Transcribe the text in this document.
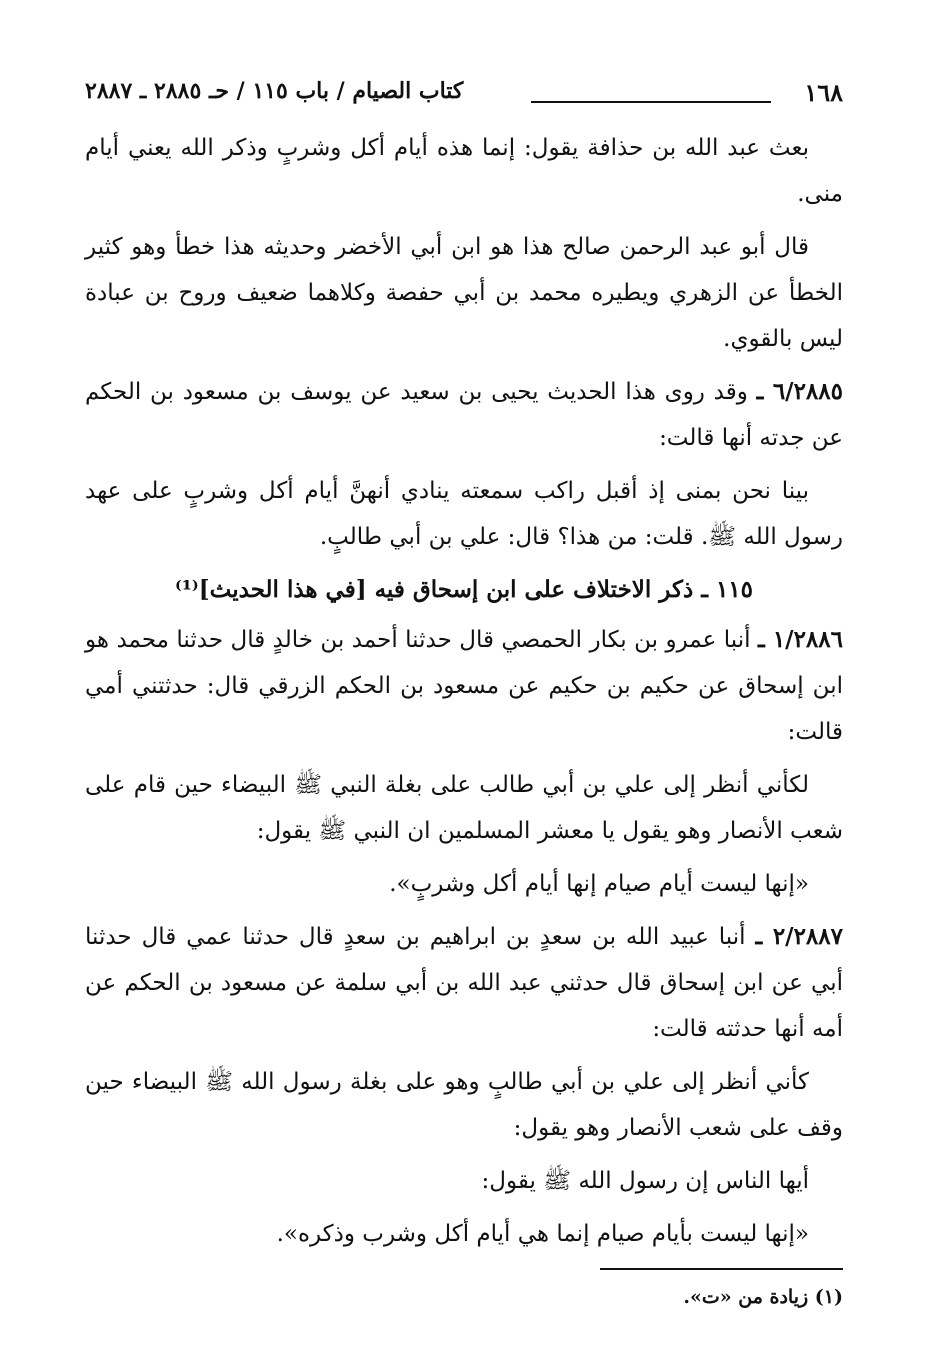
١٦٨
كتاب الصيام / باب ١١٥ / حـ ٢٨٨٥ ـ ٢٨٨٧

بعث عبد الله بن حذافة يقول: إنما هذه أيام أكل وشربٍ وذكر الله يعني أيام منى.

قال أبو عبد الرحمن صالح هذا هو ابن أبي الأخضر وحديثه هذا خطأ وهو كثير الخطأ عن الزهري ويطيره محمد بن أبي حفصة وكلاهما ضعيف وروح بن عبادة ليس بالقوي.

٦/٢٨٨٥ ـ وقد روى هذا الحديث يحيى بن سعيد عن يوسف بن مسعود بن الحكم عن جدته أنها قالت:

بينا نحن بمنى إذ أقبل راكب سمعته ينادي أنهنَّ أيام أكل وشربٍ على عهد رسول الله ﷺ. قلت: من هذا؟ قال: علي بن أبي طالبٍ.

١١٥ ـ ذكر الاختلاف على ابن إسحاق فيه [في هذا الحديث]⁽¹⁾

١/٢٨٨٦ ـ أنبا عمرو بن بكار الحمصي قال حدثنا أحمد بن خالدٍ قال حدثنا محمد هو ابن إسحاق عن حكيم بن حكيم عن مسعود بن الحكم الزرقي قال: حدثتني أمي قالت:

لكأني أنظر إلى علي بن أبي طالب على بغلة النبي ﷺ البيضاء حين قام على شعب الأنصار وهو يقول يا معشر المسلمين ان النبي ﷺ يقول:

«إنها ليست أيام صيام إنها أيام أكل وشربٍ».

٢/٢٨٨٧ ـ أنبا عبيد الله بن سعدٍ بن ابراهيم بن سعدٍ قال حدثنا عمي قال حدثنا أبي عن ابن إسحاق قال حدثني عبد الله بن أبي سلمة عن مسعود بن الحكم عن أمه أنها حدثته قالت:

كأني أنظر إلى علي بن أبي طالبٍ وهو على بغلة رسول الله ﷺ البيضاء حين وقف على شعب الأنصار وهو يقول:

أيها الناس إن رسول الله ﷺ يقول:

«إنها ليست بأيام صيام إنما هي أيام أكل وشرب وذكره».

(١) زيادة من «ت».
